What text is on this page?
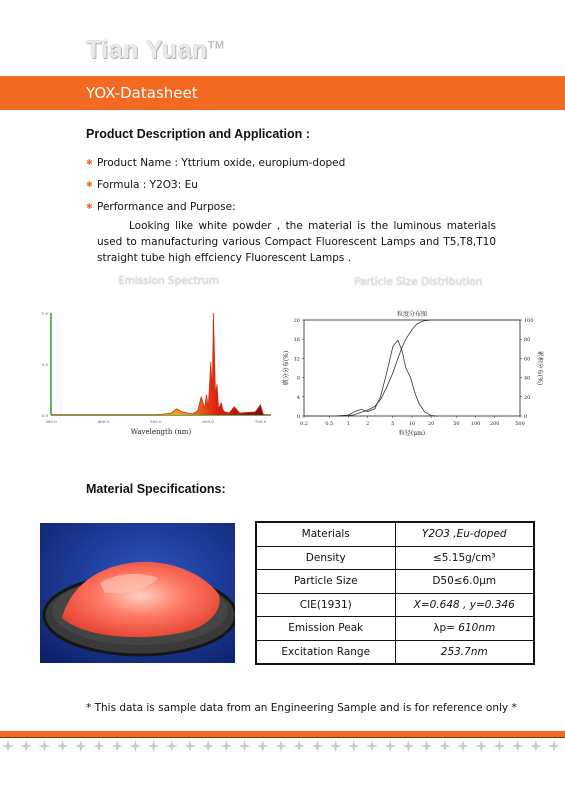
Tian Yuan™
YOX-Datasheet
Product Description and Application :
✱ Product Name : Yttrium oxide, europium-doped
✱ Formula : Y2O3: Eu
✱ Performance and Purpose:
Looking like white powder , the material is the luminous materials used to manufacturing various Compact Fluorescent Lamps and T5,T8,T10 straight tube high effciency Fluorescent Lamps .
Emission Spectrum
0.0
0.5
1.0
300.0	400.0	500.0	600.0	700.0
Wavelength (nm)
Particle Size Distribution
0.2	0.5	1	2	5	10	20	50 100 200	500
0
4
8
12
16
20
0
20
40
60
80
100
粒度分布图
粒径(μm)
微分分布(%)	累积分布(%)
Material Specifications:
Materials	Y2O3 ,Eu-doped
Density	≤5.15g/cm³
Particle Size	D50≤6.0μm
CIE(1931)	X=0.648 , y=0.346
Emission Peak	λp= 610nm
Excitation Range	253.7nm
* This data is sample data from an Engineering Sample and is for reference only *
